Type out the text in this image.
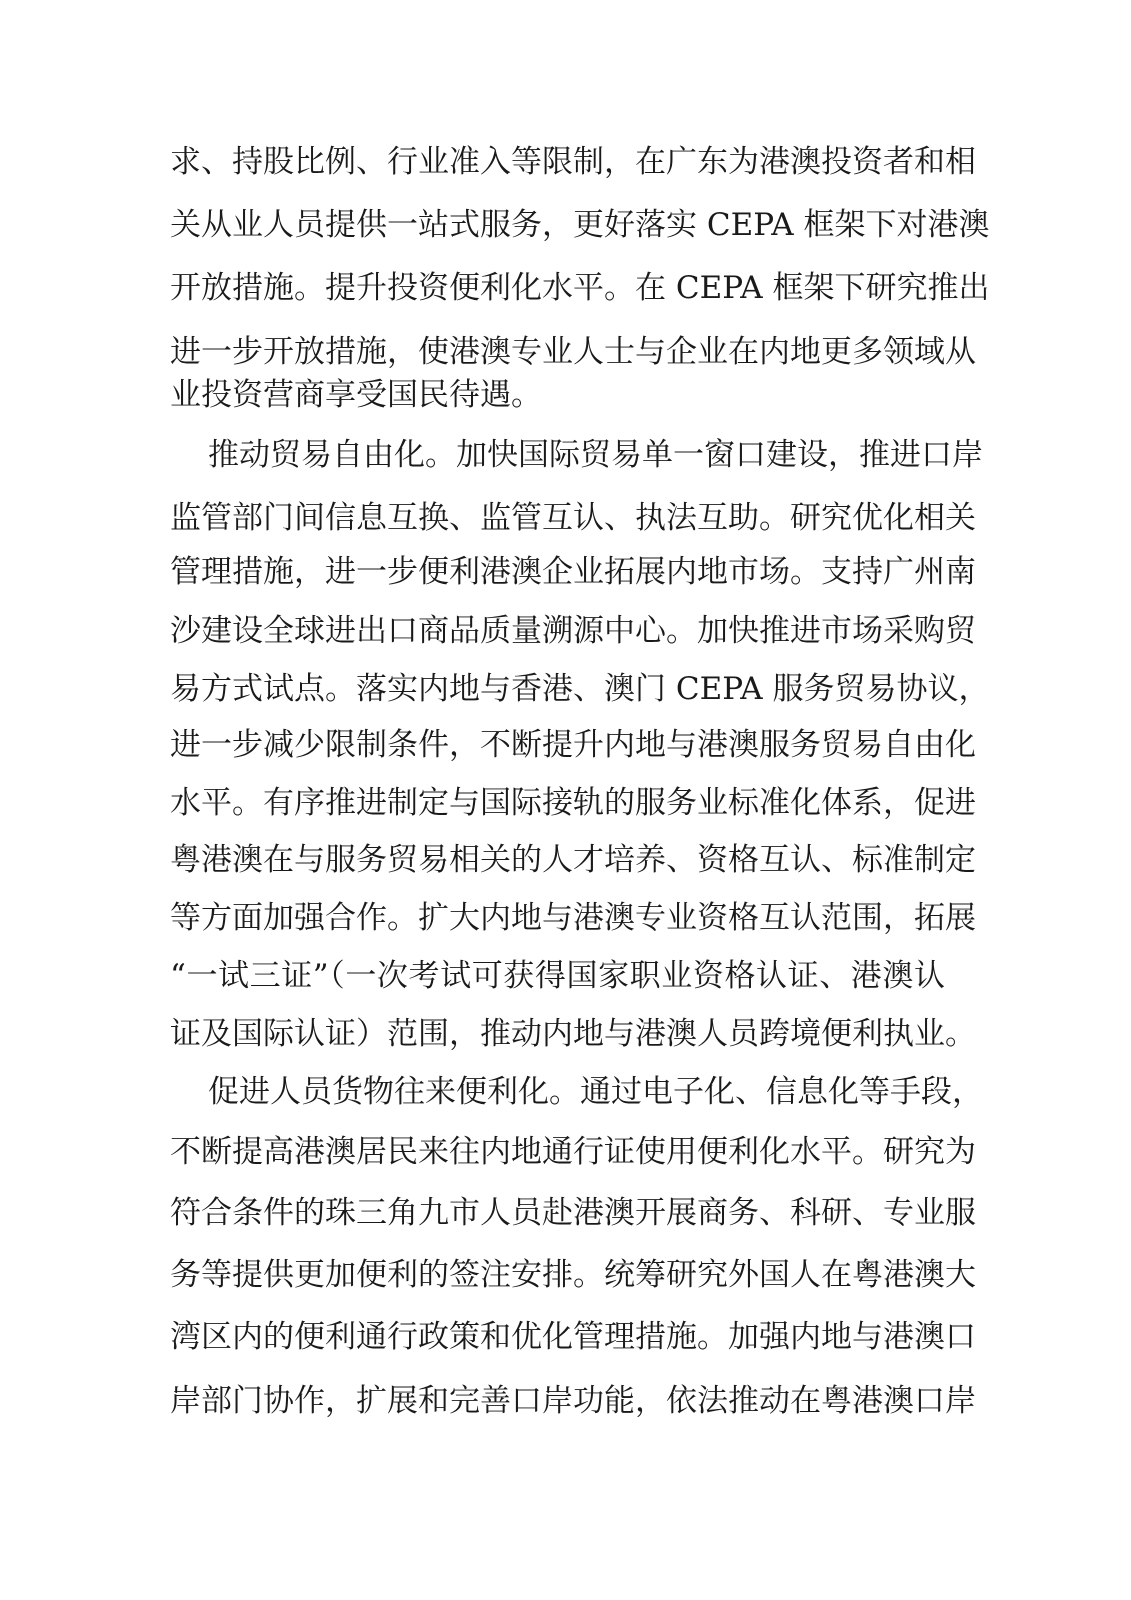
求、持股比例、行业准入等限制，在广东为港澳投资者和相
关从业人员提供一站式服务，更好落实 CEPA 框架下对港澳
开放措施。提升投资便利化水平。在 CEPA 框架下研究推出
进一步开放措施，使港澳专业人士与企业在内地更多领域从
业投资营商享受国民待遇。
推动贸易自由化。加快国际贸易单一窗口建设，推进口岸
监管部门间信息互换、监管互认、执法互助。研究优化相关
管理措施，进一步便利港澳企业拓展内地市场。支持广州南
沙建设全球进出口商品质量溯源中心。加快推进市场采购贸
易方式试点。落实内地与香港、澳门 CEPA 服务贸易协议，
进一步减少限制条件，不断提升内地与港澳服务贸易自由化
水平。有序推进制定与国际接轨的服务业标准化体系，促进
粤港澳在与服务贸易相关的人才培养、资格互认、标准制定
等方面加强合作。扩大内地与港澳专业资格互认范围，拓展
“一试三证”（一次考试可获得国家职业资格认证、港澳认
证及国际认证）范围，推动内地与港澳人员跨境便利执业。
促进人员货物往来便利化。通过电子化、信息化等手段，
不断提高港澳居民来往内地通行证使用便利化水平。研究为
符合条件的珠三角九市人员赴港澳开展商务、科研、专业服
务等提供更加便利的签注安排。统筹研究外国人在粤港澳大
湾区内的便利通行政策和优化管理措施。加强内地与港澳口
岸部门协作，扩展和完善口岸功能，依法推动在粤港澳口岸
